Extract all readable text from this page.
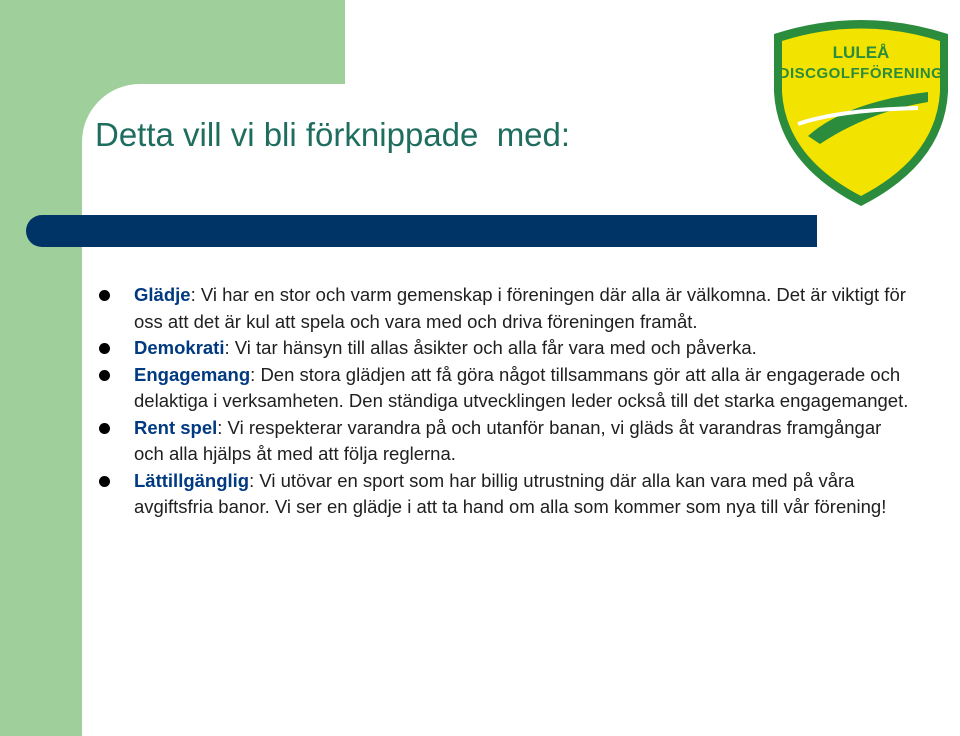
Detta vill vi bli förknippade  med:
LULEÅ
DISCGOLFFÖRENING
Glädje: Vi har en stor och varm gemenskap i föreningen där alla är välkomna. Det är viktigt för oss att det är kul att spela och vara med och driva föreningen framåt.
Demokrati: Vi tar hänsyn till allas åsikter och alla får vara med och påverka.
Engagemang: Den stora glädjen att få göra något tillsammans gör att alla är engagerade och delaktiga i verksamheten. Den ständiga utvecklingen leder också till det starka engagemanget.
Rent spel: Vi respekterar varandra på och utanför banan, vi gläds åt varandras framgångar och alla hjälps åt med att följa reglerna.
Lättillgänglig: Vi utövar en sport som har billig utrustning där alla kan vara med på våra avgiftsfria banor. Vi ser en glädje i att ta hand om alla som kommer som nya till vår förening!
